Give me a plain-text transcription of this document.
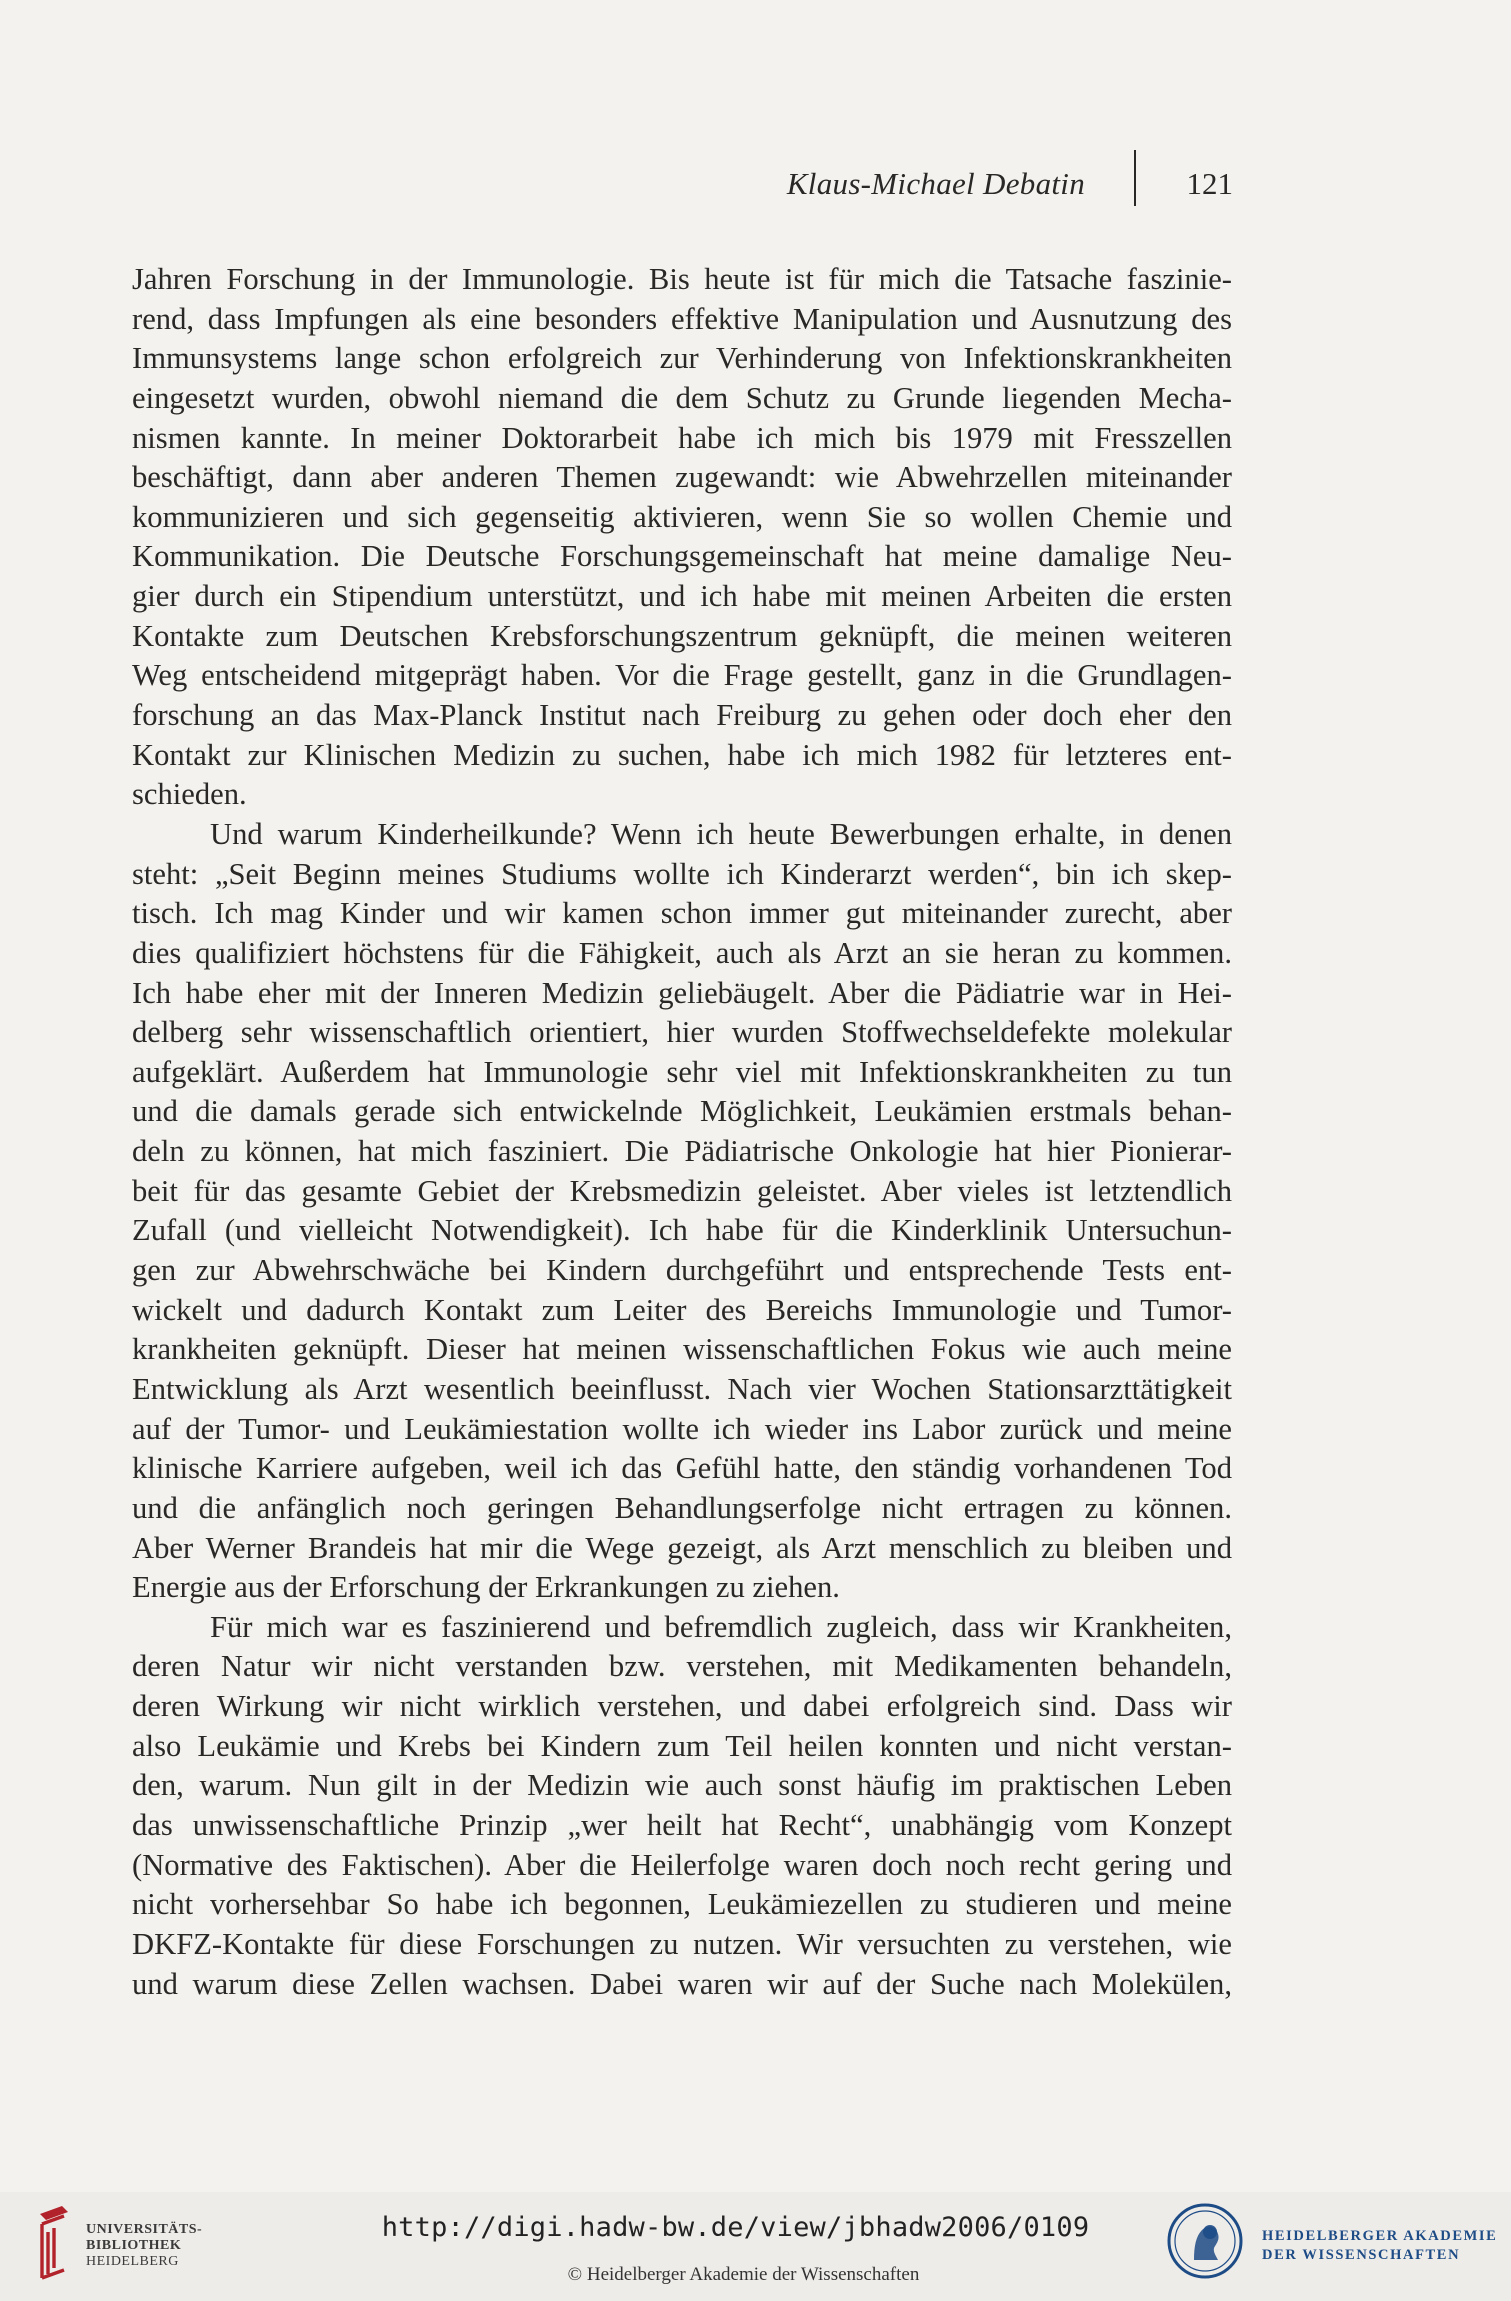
Klaus-Michael Debatin	121
Jahren Forschung in der Immunologie. Bis heute ist für mich die Tatsache faszinie-
rend, dass Impfungen als eine besonders effektive Manipulation und Ausnutzung des
Immunsystems lange schon erfolgreich zur Verhinderung von Infektionskrankheiten
eingesetzt wurden, obwohl niemand die dem Schutz zu Grunde liegenden Mecha-
nismen kannte. In meiner Doktorarbeit habe ich mich bis 1979 mit Fresszellen
beschäftigt, dann aber anderen Themen zugewandt: wie Abwehrzellen miteinander
kommunizieren und sich gegenseitig aktivieren, wenn Sie so wollen Chemie und
Kommunikation. Die Deutsche Forschungsgemeinschaft hat meine damalige Neu-
gier durch ein Stipendium unterstützt, und ich habe mit meinen Arbeiten die ersten
Kontakte zum Deutschen Krebsforschungszentrum geknüpft, die meinen weiteren
Weg entscheidend mitgeprägt haben. Vor die Frage gestellt, ganz in die Grundlagen-
forschung an das Max-Planck Institut nach Freiburg zu gehen oder doch eher den
Kontakt zur Klinischen Medizin zu suchen, habe ich mich 1982 für letzteres ent-
schieden.
Und warum Kinderheilkunde? Wenn ich heute Bewerbungen erhalte, in denen
steht: „Seit Beginn meines Studiums wollte ich Kinderarzt werden“, bin ich skep-
tisch. Ich mag Kinder und wir kamen schon immer gut miteinander zurecht, aber
dies qualifiziert höchstens für die Fähigkeit, auch als Arzt an sie heran zu kommen.
Ich habe eher mit der Inneren Medizin geliebäugelt. Aber die Pädiatrie war in Hei-
delberg sehr wissenschaftlich orientiert, hier wurden Stoffwechseldefekte molekular
aufgeklärt. Außerdem hat Immunologie sehr viel mit Infektionskrankheiten zu tun
und die damals gerade sich entwickelnde Möglichkeit, Leukämien erstmals behan-
deln zu können, hat mich fasziniert. Die Pädiatrische Onkologie hat hier Pionierar-
beit für das gesamte Gebiet der Krebsmedizin geleistet. Aber vieles ist letztendlich
Zufall (und vielleicht Notwendigkeit). Ich habe für die Kinderklinik Untersuchun-
gen zur Abwehrschwäche bei Kindern durchgeführt und entsprechende Tests ent-
wickelt und dadurch Kontakt zum Leiter des Bereichs Immunologie und Tumor-
krankheiten geknüpft. Dieser hat meinen wissenschaftlichen Fokus wie auch meine
Entwicklung als Arzt wesentlich beeinflusst. Nach vier Wochen Stationsarzttätigkeit
auf der Tumor- und Leukämiestation wollte ich wieder ins Labor zurück und meine
klinische Karriere aufgeben, weil ich das Gefühl hatte, den ständig vorhandenen Tod
und die anfänglich noch geringen Behandlungserfolge nicht ertragen zu können.
Aber Werner Brandeis hat mir die Wege gezeigt, als Arzt menschlich zu bleiben und
Energie aus der Erforschung der Erkrankungen zu ziehen.
Für mich war es faszinierend und befremdlich zugleich, dass wir Krankheiten,
deren Natur wir nicht verstanden bzw. verstehen, mit Medikamenten behandeln,
deren Wirkung wir nicht wirklich verstehen, und dabei erfolgreich sind. Dass wir
also Leukämie und Krebs bei Kindern zum Teil heilen konnten und nicht verstan-
den, warum. Nun gilt in der Medizin wie auch sonst häufig im praktischen Leben
das unwissenschaftliche Prinzip „wer heilt hat Recht“, unabhängig vom Konzept
(Normative des Faktischen). Aber die Heilerfolge waren doch noch recht gering und
nicht vorhersehbar So habe ich begonnen, Leukämiezellen zu studieren und meine
DKFZ-Kontakte für diese Forschungen zu nutzen. Wir versuchten zu verstehen, wie
und warum diese Zellen wachsen. Dabei waren wir auf der Suche nach Molekülen,
UNIVERSITÄTS-
BIBLIOTHEK
HEIDELBERG
http://digi.hadw-bw.de/view/jbhadw2006/0109
© Heidelberger Akademie der Wissenschaften
HEIDELBERGER AKADEMIE
DER WISSENSCHAFTEN
